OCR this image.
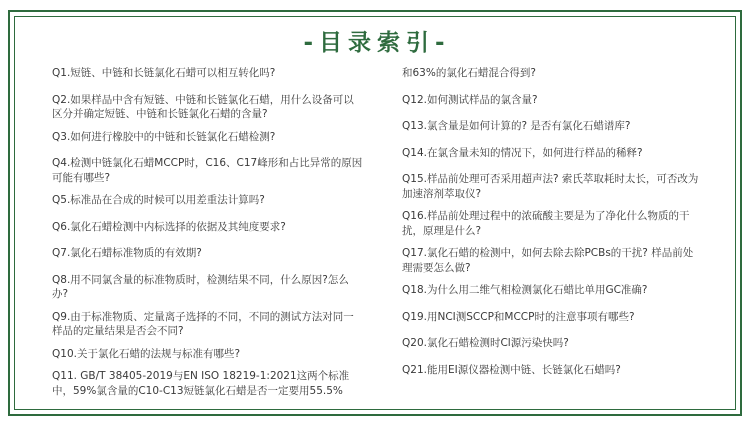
-目录索引-

Q1.短链、中链和长链氯化石蜡可以相互转化吗?

Q2.如果样品中含有短链、中链和长链氯化石蜡，用什么设备可以区分并确定短链、中链和长链氯化石蜡的含量?

Q3.如何进行橡胶中的中链和长链氯化石蜡检测?

Q4.检测中链氯化石蜡MCCP时，C16、C17峰形和占比异常的原因可能有哪些?

Q5.标准品在合成的时候可以用差重法计算吗?

Q6.氯化石蜡检测中内标选择的依据及其纯度要求?

Q7.氯化石蜡标准物质的有效期?

Q8.用不同氯含量的标准物质时，检测结果不同，什么原因?怎么办?

Q9.由于标准物质、定量离子选择的不同，不同的测试方法对同一样品的定量结果是否会不同?

Q10.关于氯化石蜡的法规与标准有哪些?

Q11. GB/T 38405-2019与EN ISO 18219-1:2021这两个标准中，59%氯含量的C10-C13短链氯化石蜡是否一定要用55.5%

和63%的氯化石蜡混合得到?

Q12.如何测试样品的氯含量?

Q13.氯含量是如何计算的? 是否有氯化石蜡谱库?

Q14.在氯含量未知的情况下，如何进行样品的稀释?

Q15.样品前处理可否采用超声法? 索氏萃取耗时太长，可否改为加速溶剂萃取仪?

Q16.样品前处理过程中的浓硫酸主要是为了净化什么物质的干扰，原理是什么?

Q17.氯化石蜡的检测中，如何去除去除PCBs的干扰? 样品前处理需要怎么做?

Q18.为什么用二维气相检测氯化石蜡比单用GC准确?

Q19.用NCI测SCCP和MCCP时的注意事项有哪些?

Q20.氯化石蜡检测时Cl源污染快吗?

Q21.能用EI源仪器检测中链、长链氯化石蜡吗?
